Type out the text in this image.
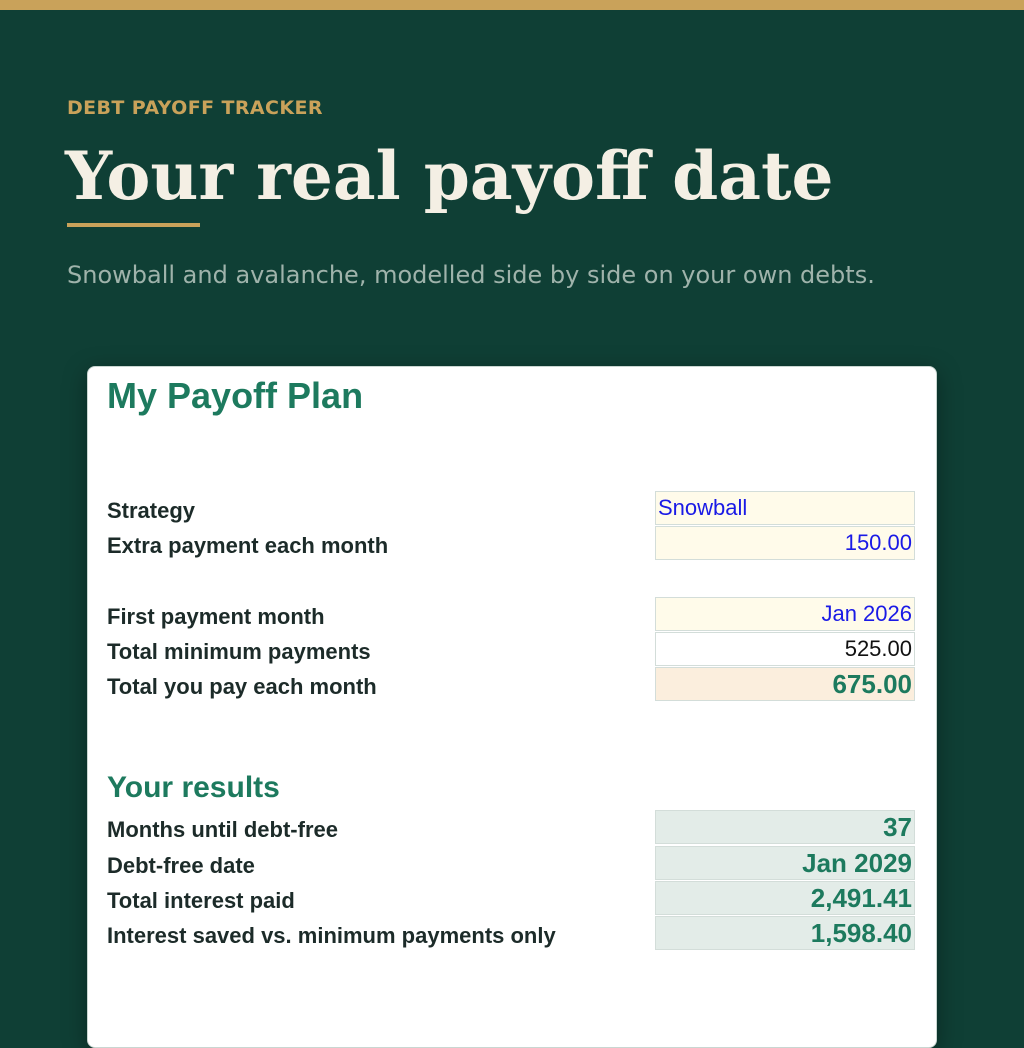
DEBT PAYOFF TRACKER
Your real payoff date

Snowball and avalanche, modelled side by side on your own debts.

My Payoff Plan
Strategy	Snowball
Extra payment each month	150.00
First payment month	Jan 2026
Total minimum payments	525.00
Total you pay each month	675.00
Your results
Months until debt-free	37
Debt-free date	Jan 2029
Total interest paid	2,491.41
Interest saved vs. minimum payments only	1,598.40
